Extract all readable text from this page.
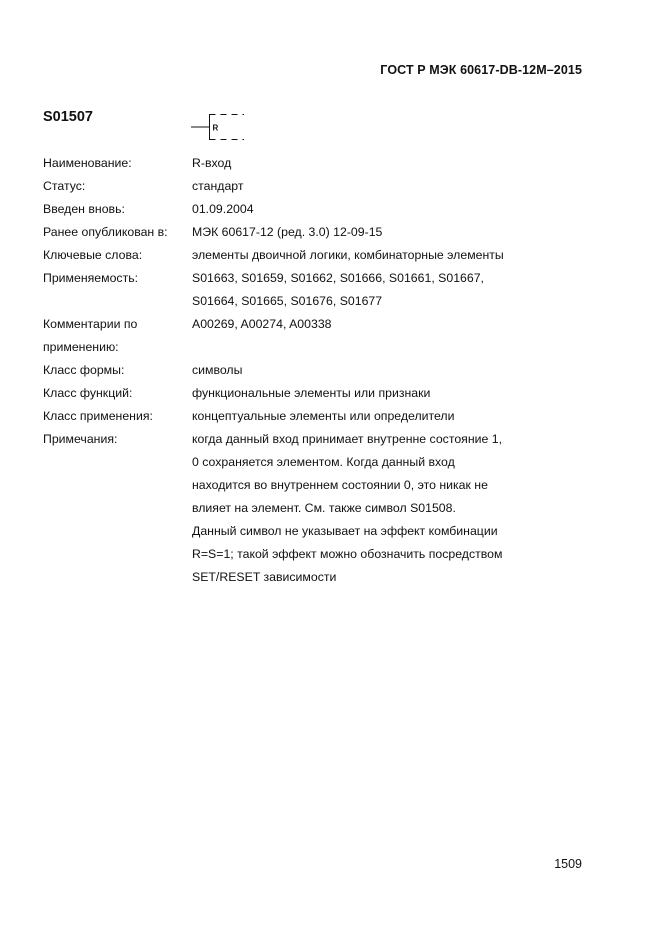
ГОСТ Р МЭК 60617-DB-12M–2015
S01507
R
Наименование:	R-вход
Статус:	стандарт
Введен вновь:	01.09.2004
Ранее опубликован в:	МЭК 60617-12 (ред. 3.0) 12-09-15
Ключевые слова:	элементы двоичной логики, комбинаторные элементы
Применяемость:	S01663, S01659, S01662, S01666, S01661, S01667,
S01664, S01665, S01676, S01677
Комментарии по применению:
A00269, A00274, A00338
Класс формы:	символы
Класс функций:	функциональные элементы или признаки
Класс применения:	концептуальные элементы или определители
Примечания:	когда данный вход принимает внутренне состояние 1,
0 сохраняется элементом. Когда данный вход
находится во внутреннем состоянии 0, это никак не
влияет на элемент. См. также символ S01508.
Данный символ не указывает на эффект комбинации
R=S=1; такой эффект можно обозначить посредством
SET/RESET зависимости
1509
